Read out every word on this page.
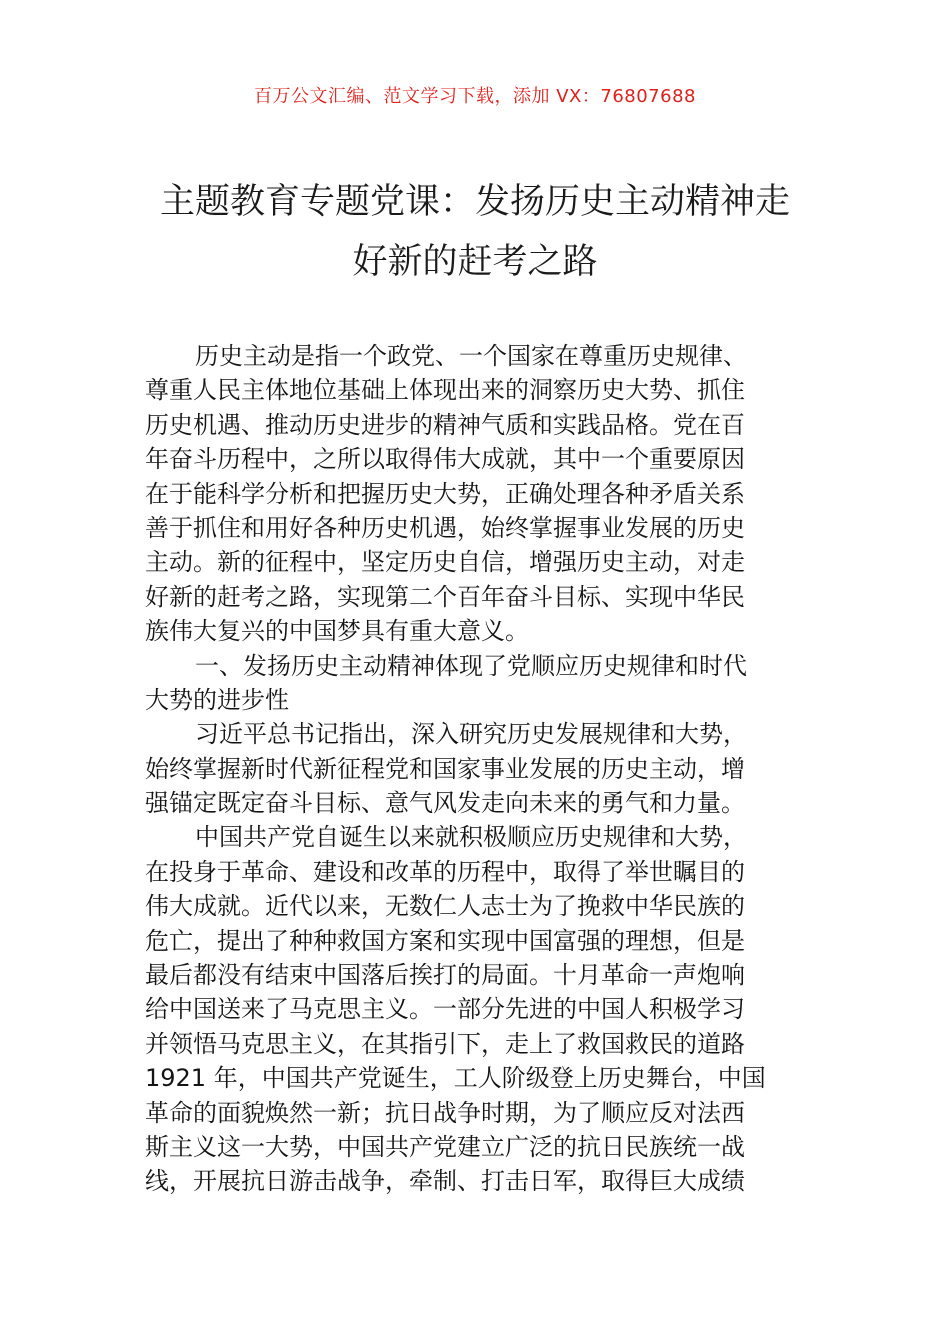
百万公文汇编、范文学习下载，添加 VX：76807688
主题教育专题党课：发扬历史主动精神走
好新的赶考之路
历史主动是指一个政党、一个国家在尊重历史规律、
尊重人民主体地位基础上体现出来的洞察历史大势、抓住
历史机遇、推动历史进步的精神气质和实践品格。党在百
年奋斗历程中，之所以取得伟大成就，其中一个重要原因
在于能科学分析和把握历史大势，正确处理各种矛盾关系
善于抓住和用好各种历史机遇，始终掌握事业发展的历史
主动。新的征程中，坚定历史自信，增强历史主动，对走
好新的赶考之路，实现第二个百年奋斗目标、实现中华民
族伟大复兴的中国梦具有重大意义。
一、发扬历史主动精神体现了党顺应历史规律和时代
大势的进步性
习近平总书记指出，深入研究历史发展规律和大势，
始终掌握新时代新征程党和国家事业发展的历史主动，增
强锚定既定奋斗目标、意气风发走向未来的勇气和力量。
中国共产党自诞生以来就积极顺应历史规律和大势，
在投身于革命、建设和改革的历程中，取得了举世瞩目的
伟大成就。近代以来，无数仁人志士为了挽救中华民族的
危亡，提出了种种救国方案和实现中国富强的理想，但是
最后都没有结束中国落后挨打的局面。十月革命一声炮响
给中国送来了马克思主义。一部分先进的中国人积极学习
并领悟马克思主义，在其指引下，走上了救国救民的道路
1921 年，中国共产党诞生，工人阶级登上历史舞台，中国
革命的面貌焕然一新；抗日战争时期，为了顺应反对法西
斯主义这一大势，中国共产党建立广泛的抗日民族统一战
线，开展抗日游击战争，牵制、打击日军，取得巨大成绩
